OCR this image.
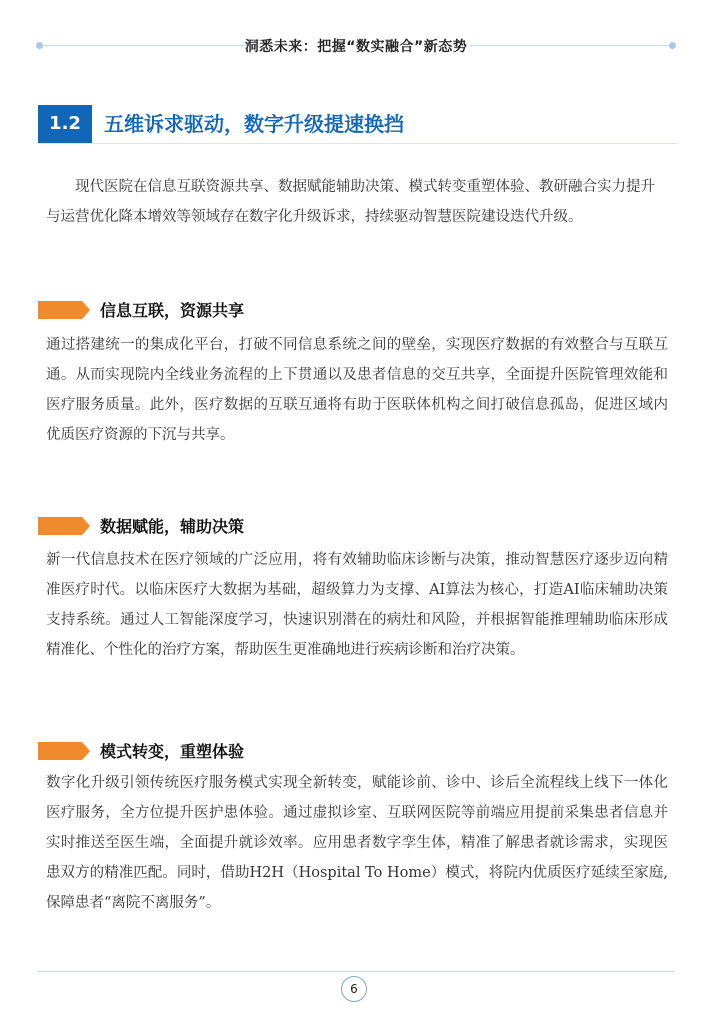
洞悉未来：把握“数实融合”新态势
1.2	五维诉求驱动，数字升级提速换挡

现代医院在信息互联资源共享、数据赋能辅助决策、模式转变重塑体验、教研融合实力提升与运营优化降本增效等领域存在数字化升级诉求，持续驱动智慧医院建设迭代升级。

信息互联，资源共享

通过搭建统一的集成化平台，打破不同信息系统之间的壁垒，实现医疗数据的有效整合与互联互通。从而实现院内全线业务流程的上下贯通以及患者信息的交互共享，全面提升医院管理效能和医疗服务质量。此外，医疗数据的互联互通将有助于医联体机构之间打破信息孤岛，促进区域内优质医疗资源的下沉与共享。

数据赋能，辅助决策

新一代信息技术在医疗领域的广泛应用，将有效辅助临床诊断与决策，推动智慧医疗逐步迈向精准医疗时代。以临床医疗大数据为基础，超级算力为支撑、AI算法为核心，打造AI临床辅助决策支持系统。通过人工智能深度学习，快速识别潜在的病灶和风险，并根据智能推理辅助临床形成精准化、个性化的治疗方案，帮助医生更准确地进行疾病诊断和治疗决策。

模式转变，重塑体验

数字化升级引领传统医疗服务模式实现全新转变，赋能诊前、诊中、诊后全流程线上线下一体化医疗服务，全方位提升医护患体验。通过虚拟诊室、互联网医院等前端应用提前采集患者信息并实时推送至医生端，全面提升就诊效率。应用患者数字孪生体，精准了解患者就诊需求，实现医患双方的精准匹配。同时，借助H2H（Hospital To Home）模式，将院内优质医疗延续至家庭, 保障患者“离院不离服务”。

6
